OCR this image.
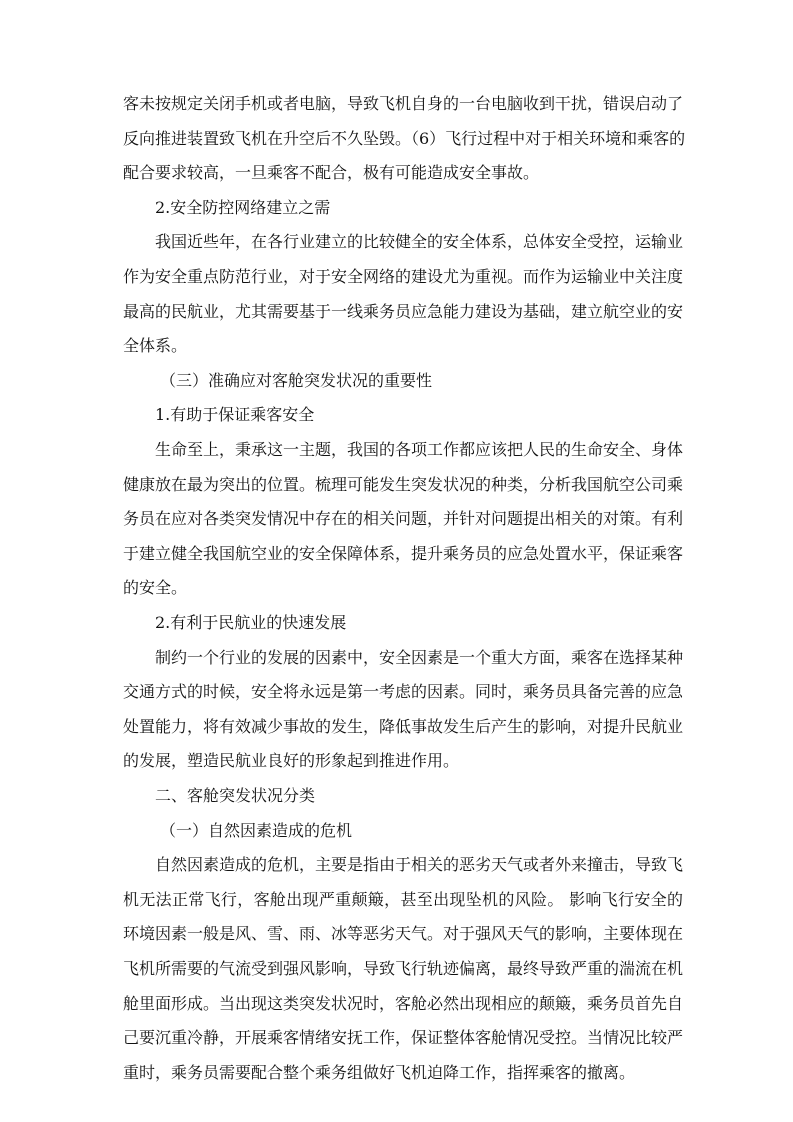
客未按规定关闭手机或者电脑，导致飞机自身的一台电脑收到干扰，错误启动了
反向推进装置致飞机在升空后不久坠毁。（6）飞行过程中对于相关环境和乘客的
配合要求较高，一旦乘客不配合，极有可能造成安全事故。
2.安全防控网络建立之需
我国近些年，在各行业建立的比较健全的安全体系，总体安全受控，运输业
作为安全重点防范行业，对于安全网络的建设尤为重视。而作为运输业中关注度
最高的民航业，尤其需要基于一线乘务员应急能力建设为基础，建立航空业的安
全体系。
（三）准确应对客舱突发状况的重要性
1.有助于保证乘客安全
生命至上，秉承这一主题，我国的各项工作都应该把人民的生命安全、身体
健康放在最为突出的位置。梳理可能发生突发状况的种类，分析我国航空公司乘
务员在应对各类突发情况中存在的相关问题，并针对问题提出相关的对策。有利
于建立健全我国航空业的安全保障体系，提升乘务员的应急处置水平，保证乘客
的安全。
2.有利于民航业的快速发展
制约一个行业的发展的因素中，安全因素是一个重大方面，乘客在选择某种
交通方式的时候，安全将永远是第一考虑的因素。同时，乘务员具备完善的应急
处置能力，将有效减少事故的发生，降低事故发生后产生的影响，对提升民航业
的发展，塑造民航业良好的形象起到推进作用。
二、客舱突发状况分类
（一）自然因素造成的危机
自然因素造成的危机，主要是指由于相关的恶劣天气或者外来撞击，导致飞
机无法正常飞行，客舱出现严重颠簸，甚至出现坠机的风险。 影响飞行安全的
环境因素一般是风、雪、雨、冰等恶劣天气。对于强风天气的影响，主要体现在
飞机所需要的气流受到强风影响，导致飞行轨迹偏离，最终导致严重的湍流在机
舱里面形成。当出现这类突发状况时，客舱必然出现相应的颠簸，乘务员首先自
己要沉重冷静，开展乘客情绪安抚工作，保证整体客舱情况受控。当情况比较严
重时，乘务员需要配合整个乘务组做好飞机迫降工作，指挥乘客的撤离。
